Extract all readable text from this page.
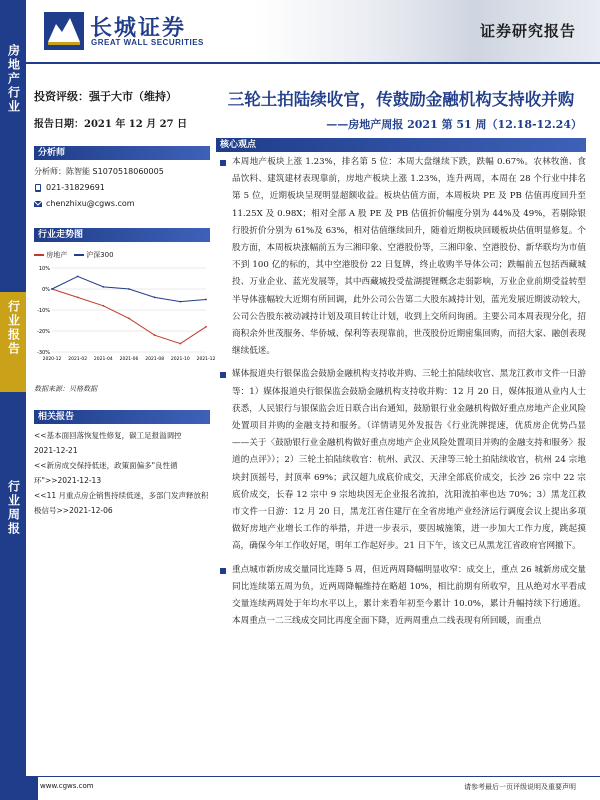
房地产行业
行业报告
行业周报
长城证券
GREAT WALL SECURITIES
证券研究报告
投资评级：强于大市（维持）
报告日期：2021 年 12 月 27 日
分析师
分析师：陈智能 S1070518060005
021-31829691
chenzhixu@cgws.com
行业走势图
房地产	沪深300
-30%
-20%
-10%
0%
10%
2020-12 2021-02 2021-04 2021-06 2021-08 2021-10 2021-12
数据来源：贝格数据
相关报告
<<基本面回落恢复性修复，碳工足报溢调控
2021-12-21
<<新房成交保持低迷，政策面偏多"良性循环">>2021-12-13
<<11 月重点房企销售持续低迷，多部门发声释放积极信号>>2021-12-06
三轮土拍陆续收官，传鼓励金融机构支持收并购
——房地产周报 2021 第 51 周（12.18-12.24）
核心观点
本周地产板块上涨 1.23%，排名第 5 位：本周大盘继续下跌，跌幅 0.67%。农林牧渔、食品饮料、建筑建材表现靠前，房地产板块上涨 1.23%，连升两周，本周在 28 个行业中排名第 5 位，近期板块呈现明显超额收益。板块估值方面，本周板块 PE 及 PB 估值再度回升至 11.25X 及 0.98X；相对全部 A 股 PE 及 PB 估值折价幅度分别为 44%及 49%，若剔除银行股折价分别为 61%及 63%，相对估值继续回升，随着近期板块回暖板块估值明显修复。个股方面，本周板块涨幅前五为三湘印象、空港股份等，三湘印象、空港股份、新华联均为市值不到 100 亿的标的，其中空港股份 22 日复牌，终止收购半导体公司；跌幅前五包括西藏城投、万业企业、蓝光发展等，其中西藏城投受盐湖提锂概念走弱影响，万业企业前期受益转型半导体涨幅较大近期有所回调，此外公司公告第二大股东减持计划，蓝光发展近期波动较大，公司公告股东被动减持计划及项目转让计划，收到上交所问询函。主要公司本周表现分化，招商积余外世茂服务、华侨城、保利等表现靠前，世茂股份近期密集回购，而招大家、融创表现继续低迷。
媒体报道央行银保监会鼓励金融机构支持收并购、三轮土拍陆续收官、黑龙江救市文件一日游等：1）媒体报道央行银保监会鼓励金融机构支持收并购：12 月 20 日，媒体报道从业内人士获悉，人民银行与银保监会近日联合出台通知，鼓励银行业金融机构做好重点房地产企业风险处置项目并购的金融支持和服务。（详情请见外发报告《行业洗牌提速，优质房企优势凸显——关于〈鼓励银行业金融机构做好重点房地产企业风险处置项目并购的金融支持和服务〉报道的点评》）；2）三轮土拍陆续收官：杭州、武汉、天津等三轮土拍陆续收官，杭州 24 宗地块封顶摇号，封顶率 69%；武汉超九成底价成交，天津全部底价成交，长沙 26 宗中 22 宗底价成交，长春 12 宗中 9 宗地块因无企业报名流拍，沈阳流拍率也达 70%；3）黑龙江救市文件一日游：12 月 20 日，黑龙江省住建厅在全省房地产业经济运行调度会议上提出多项做好房地产业增长工作的举措，并进一步表示，要因城施策，进一步加大工作力度，跳起摸高，确保今年工作收好尾，明年工作起好步。21 日下午，该文已从黑龙江省政府官网撤下。
重点城市新房成交量同比连降 5 周，但近两周降幅明显收窄：成交上，重点 26 城新房成交量同比连续第五周为负，近两周降幅维持在略超 10%，相比前期有所收窄，且从绝对水平看成交量连续两周处于年均水平以上，累计来看年初至今累计 10.0%，累计升幅持续下行通道。本周重点一二三线成交同比再度全面下降，近两周重点二线表现有所回暖，而重点
www.cgws.com	请参考最后一页评级说明及重要声明
